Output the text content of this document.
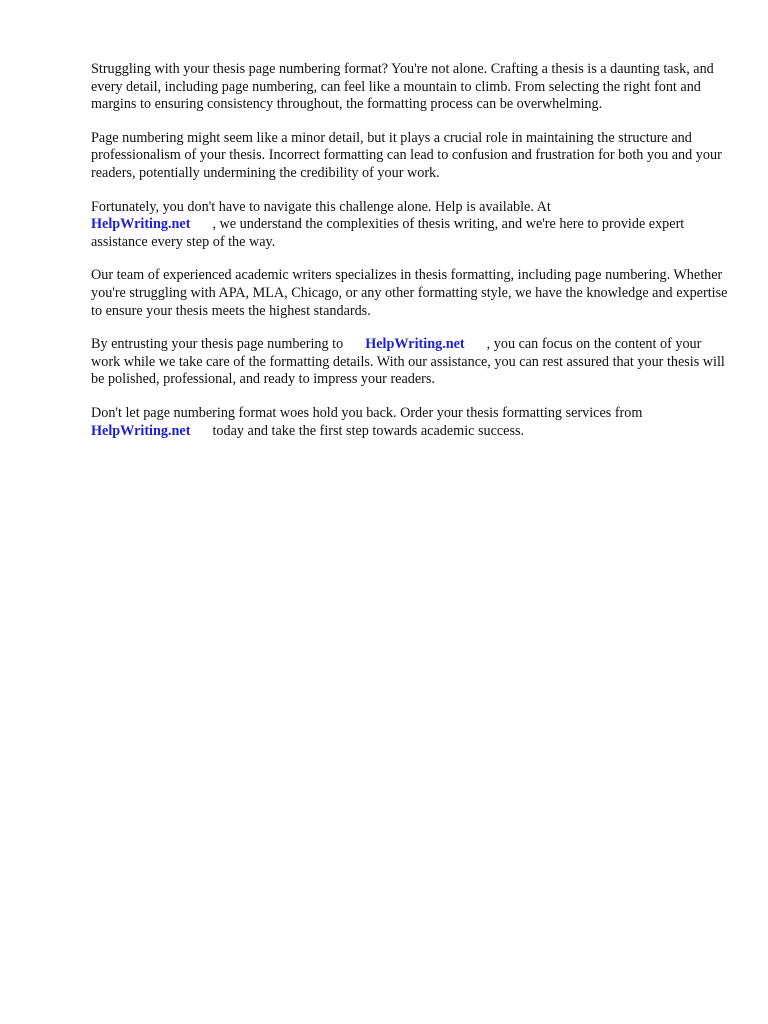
Struggling with your thesis page numbering format? You're not alone. Crafting a thesis is a daunting task, and every detail, including page numbering, can feel like a mountain to climb. From selecting the right font and margins to ensuring consistency throughout, the formatting process can be overwhelming.

Page numbering might seem like a minor detail, but it plays a crucial role in maintaining the structure and professionalism of your thesis. Incorrect formatting can lead to confusion and frustration for both you and your readers, potentially undermining the credibility of your work.

Fortunately, you don't have to navigate this challenge alone. Help is available. At
HelpWriting.net , we understand the complexities of thesis writing, and we're here to provide expert assistance every step of the way.

Our team of experienced academic writers specializes in thesis formatting, including page numbering. Whether you're struggling with APA, MLA, Chicago, or any other formatting style, we have the knowledge and expertise to ensure your thesis meets the highest standards.

By entrusting your thesis page numbering to HelpWriting.net , you can focus on the content of your work while we take care of the formatting details. With our assistance, you can rest assured that your thesis will be polished, professional, and ready to impress your readers.

Don't let page numbering format woes hold you back. Order your thesis formatting services from
HelpWriting.net today and take the first step towards academic success.
